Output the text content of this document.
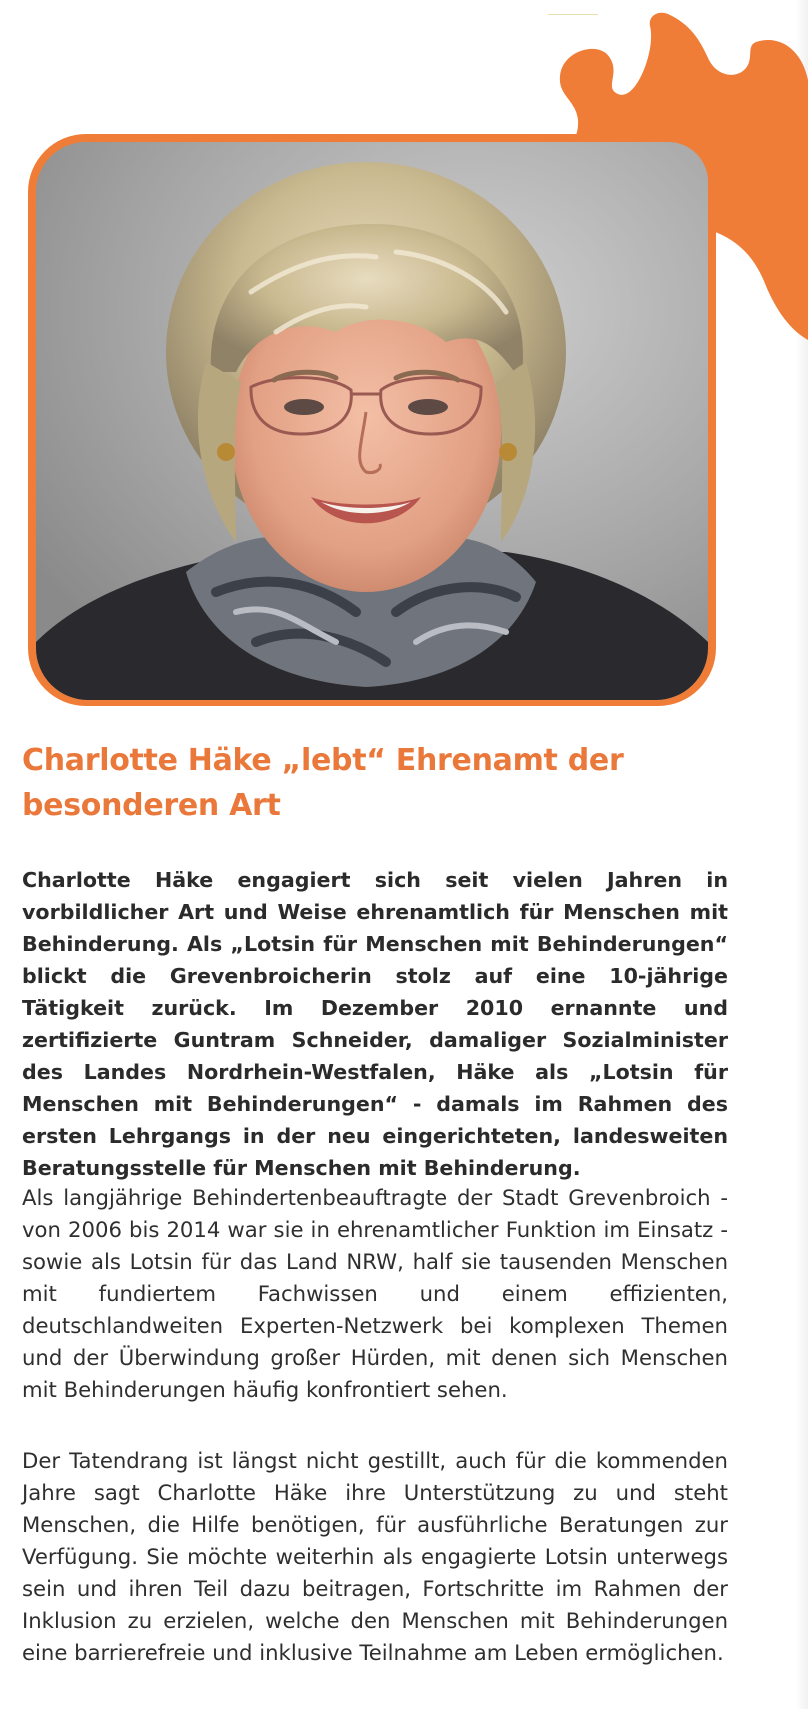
Charlotte Häke „lebt“ Ehrenamt der besonderen Art

Charlotte Häke engagiert sich seit vielen Jahren in vorbildlicher Art und Weise ehrenamtlich für Menschen mit Behinderung. Als „Lotsin für Menschen mit Behinderungen“ blickt die Grevenbroicherin stolz auf eine 10-jährige Tätigkeit zurück. Im Dezember 2010 ernannte und zertifizierte Guntram Schneider, damaliger Sozialminister des Landes Nordrhein-Westfalen, Häke als „Lotsin für Menschen mit Behinderungen“ - damals im Rahmen des ersten Lehrgangs in der neu eingerichteten, landesweiten Beratungsstelle für Menschen mit Behinderung.

Als langjährige Behindertenbeauftragte der Stadt Grevenbroich - von 2006 bis 2014 war sie in ehrenamtlicher Funktion im Einsatz - sowie als Lotsin für das Land NRW, half sie tausenden Menschen mit fundiertem Fachwissen und einem effizienten, deutschlandweiten Experten-Netzwerk bei komplexen Themen und der Überwindung großer Hürden, mit denen sich Menschen mit Behinderungen häufig konfrontiert sehen.

Der Tatendrang ist längst nicht gestillt, auch für die kommenden Jahre sagt Charlotte Häke ihre Unterstützung zu und steht Menschen, die Hilfe benötigen, für ausführliche Beratungen zur Verfügung. Sie möchte weiterhin als engagierte Lotsin unterwegs sein und ihren Teil dazu beitragen, Fortschritte im Rahmen der Inklusion zu erzielen, welche den Menschen mit Behinderungen eine barrierefreie und inklusive Teilnahme am Leben ermöglichen.
